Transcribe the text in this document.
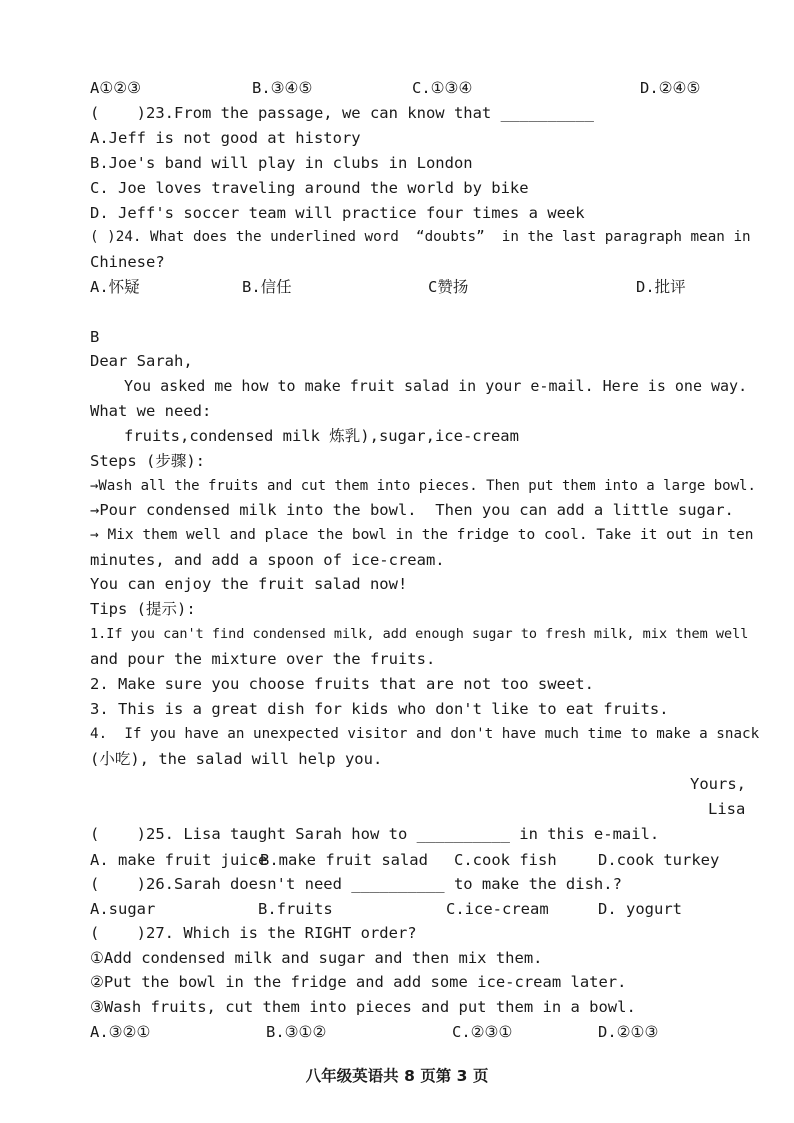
A①②③	B.③④⑤	C.①③④	D.②④⑤
(    )23.From the passage, we can know that __________
A.Jeff is not good at history
B.Joe's band will play in clubs in London
C. Joe loves traveling around the world by bike
D. Jeff's soccer team will practice four times a week
( )24. What does the underlined word  “doubts”  in the last paragraph mean in
Chinese?
A.怀疑	B.信任	C赞扬	D.批评
B
Dear Sarah,
You asked me how to make fruit salad in your e-mail. Here is one way.
What we need:
fruits,condensed milk 炼乳),sugar,ice-cream
Steps (步骤):
→Wash all the fruits and cut them into pieces. Then put them into a large bowl.
→Pour condensed milk into the bowl.  Then you can add a little sugar.
→ Mix them well and place the bowl in the fridge to cool. Take it out in ten
minutes, and add a spoon of ice-cream.
You can enjoy the fruit salad now!
Tips (提示):
1.If you can't find condensed milk, add enough sugar to fresh milk, mix them well
and pour the mixture over the fruits.
2. Make sure you choose fruits that are not too sweet.
3. This is a great dish for kids who don't like to eat fruits.
4.  If you have an unexpected visitor and don't have much time to make a snack
(小吃), the salad will help you.
Yours,
Lisa
(    )25. Lisa taught Sarah how to __________ in this e-mail.
A. make fruit juice
B.make fruit salad C.cook fish	D.cook turkey
(    )26.Sarah doesn't need __________ to make the dish.?
A.sugar	B.fruits	C.ice-cream	D. yogurt
(    )27. Which is the RIGHT order?
①Add condensed milk and sugar and then mix them.
②Put the bowl in the fridge and add some ice-cream later.
③Wash fruits, cut them into pieces and put them in a bowl.
A.③②①	B.③①②	C.②③①	D.②①③
八年级英语共 8 页第 3 页
